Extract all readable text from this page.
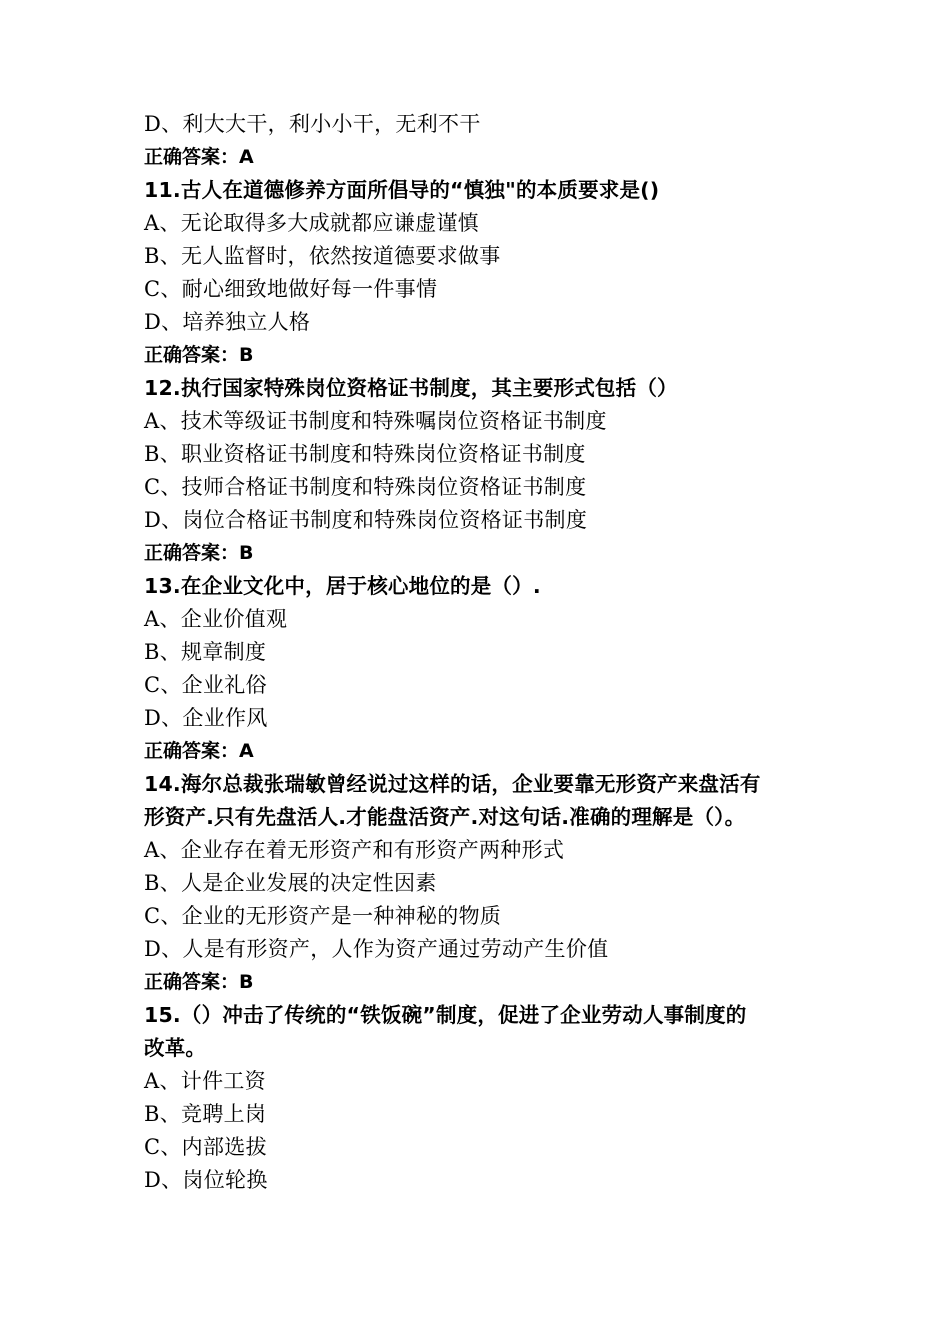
D、利大大干，利小小干，无利不干
正确答案：A
11.古人在道德修养方面所倡导的“慎独"的本质要求是()
A、无论取得多大成就都应谦虚谨慎
B、无人监督时，依然按道德要求做事
C、耐心细致地做好每一件事情
D、培养独立人格
正确答案：B
12.执行国家特殊岗位资格证书制度，其主要形式包括（）
A、技术等级证书制度和特殊嘱岗位资格证书制度
B、职业资格证书制度和特殊岗位资格证书制度
C、技师合格证书制度和特殊岗位资格证书制度
D、岗位合格证书制度和特殊岗位资格证书制度
正确答案：B
13.在企业文化中，居于核心地位的是（）.
A、企业价值观
B、规章制度
C、企业礼俗
D、企业作风
正确答案：A
14.海尔总裁张瑞敏曾经说过这样的话，企业要靠无形资产来盘活有
形资产.只有先盘活人.才能盘活资产.对这句话.准确的理解是（）。
A、企业存在着无形资产和有形资产两种形式
B、人是企业发展的决定性因素
C、企业的无形资产是一种神秘的物质
D、人是有形资产，人作为资产通过劳动产生价值
正确答案：B
15.（）冲击了传统的“铁饭碗”制度，促进了企业劳动人事制度的
改革。
A、计件工资
B、竞聘上岗
C、内部选拔
D、岗位轮换
